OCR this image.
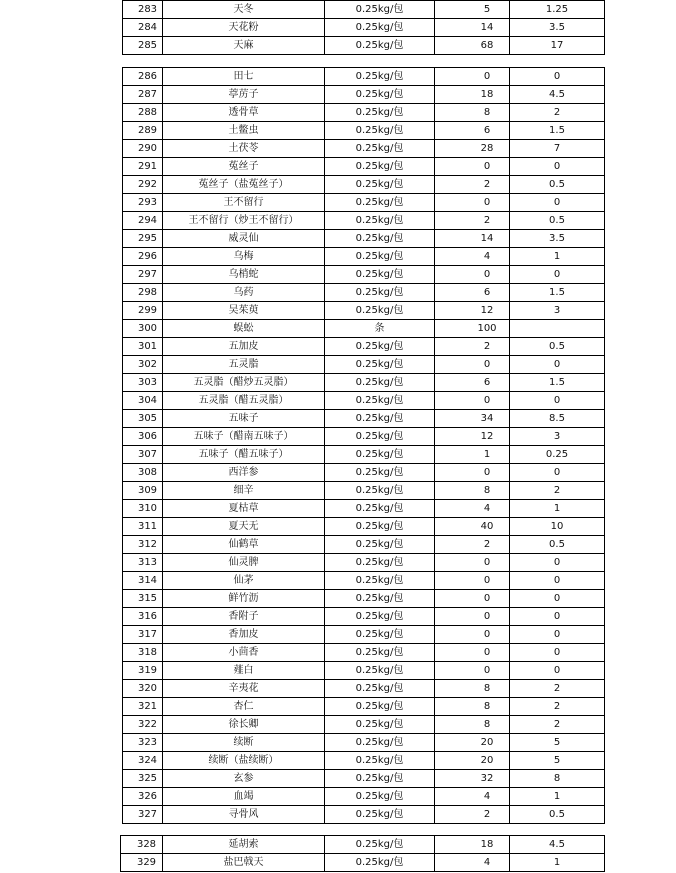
283	天冬	0.25kg/包	5	1.25
284	天花粉	0.25kg/包	14	3.5
285	天麻	0.25kg/包	68	17
286	田七	0.25kg/包	0	0
287	葶苈子	0.25kg/包	18	4.5
288	透骨草	0.25kg/包	8	2
289	土鳖虫	0.25kg/包	6	1.5
290	土茯苓	0.25kg/包	28	7
291	菟丝子	0.25kg/包	0	0
292	菟丝子（盐菟丝子）	0.25kg/包	2	0.5
293	王不留行	0.25kg/包	0	0
294	王不留行（炒王不留行）	0.25kg/包	2	0.5
295	威灵仙	0.25kg/包	14	3.5
296	乌梅	0.25kg/包	4	1
297	乌梢蛇	0.25kg/包	0	0
298	乌药	0.25kg/包	6	1.5
299	吴茱萸	0.25kg/包	12	3
300	蜈蚣	条	100	
301	五加皮	0.25kg/包	2	0.5
302	五灵脂	0.25kg/包	0	0
303	五灵脂（醋炒五灵脂）	0.25kg/包	6	1.5
304	五灵脂（醋五灵脂）	0.25kg/包	0	0
305	五味子	0.25kg/包	34	8.5
306	五味子（醋南五味子）	0.25kg/包	12	3
307	五味子（醋五味子）	0.25kg/包	1	0.25
308	西洋参	0.25kg/包	0	0
309	细辛	0.25kg/包	8	2
310	夏枯草	0.25kg/包	4	1
311	夏天无	0.25kg/包	40	10
312	仙鹤草	0.25kg/包	2	0.5
313	仙灵脾	0.25kg/包	0	0
314	仙茅	0.25kg/包	0	0
315	鲜竹沥	0.25kg/包	0	0
316	香附子	0.25kg/包	0	0
317	香加皮	0.25kg/包	0	0
318	小茴香	0.25kg/包	0	0
319	薤白	0.25kg/包	0	0
320	辛夷花	0.25kg/包	8	2
321	杏仁	0.25kg/包	8	2
322	徐长卿	0.25kg/包	8	2
323	续断	0.25kg/包	20	5
324	续断（盐续断）	0.25kg/包	20	5
325	玄参	0.25kg/包	32	8
326	血竭	0.25kg/包	4	1
327	寻骨风	0.25kg/包	2	0.5
328	延胡索	0.25kg/包	18	4.5
329	盐巴戟天	0.25kg/包	4	1
